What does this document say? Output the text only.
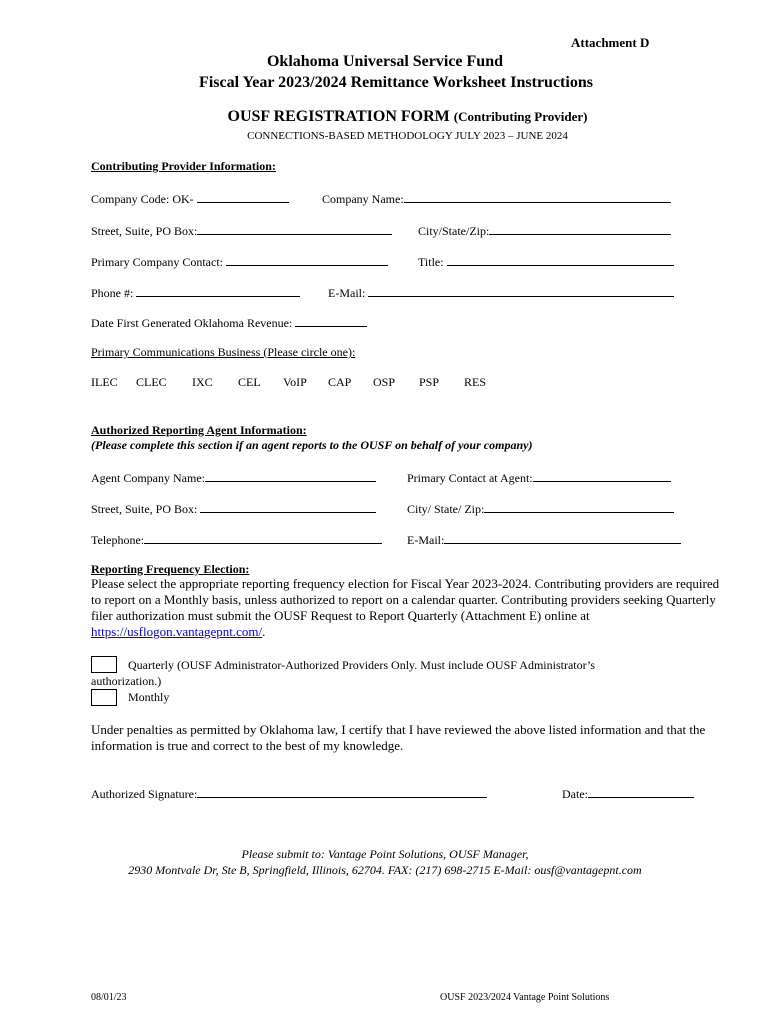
Attachment D
Oklahoma Universal Service Fund
Fiscal Year 2023/2024 Remittance Worksheet Instructions
OUSF REGISTRATION FORM (Contributing Provider)
CONNECTIONS-BASED METHODOLOGY JULY 2023 – JUNE 2024
Contributing Provider Information:
Company Code: OK-	Company Name:
Street, Suite, PO Box:	City/State/Zip:
Primary Company Contact:	Title:
Phone #:	E-Mail:
Date First Generated Oklahoma Revenue:
Primary Communications Business (Please circle one):
ILEC CLEC IXC CEL VoIP CAP OSP PSP RES
Authorized Reporting Agent Information:
(Please complete this section if an agent reports to the OUSF on behalf of your company)
Agent Company Name:	Primary Contact at Agent:
Street, Suite, PO Box:	City/ State/ Zip:
Telephone:	E-Mail:
Reporting Frequency Election:
Please select the appropriate reporting frequency election for Fiscal Year 2023-2024. Contributing providers are required to report on a Monthly basis, unless authorized to report on a calendar quarter. Contributing providers seeking Quarterly filer authorization must submit the OUSF Request to Report Quarterly (Attachment E) online at https://usflogon.vantagepnt.com/.
Quarterly (OUSF Administrator-Authorized Providers Only. Must include OUSF Administrator’s
authorization.)
Monthly
Under penalties as permitted by Oklahoma law, I certify that I have reviewed the above listed information and that the information is true and correct to the best of my knowledge.
Authorized Signature:	Date:
Please submit to: Vantage Point Solutions, OUSF Manager,
2930 Montvale Dr, Ste B, Springfield, Illinois, 62704. FAX: (217) 698-2715 E-Mail: ousf@vantagepnt.com
08/01/23	OUSF 2023/2024 Vantage Point Solutions
